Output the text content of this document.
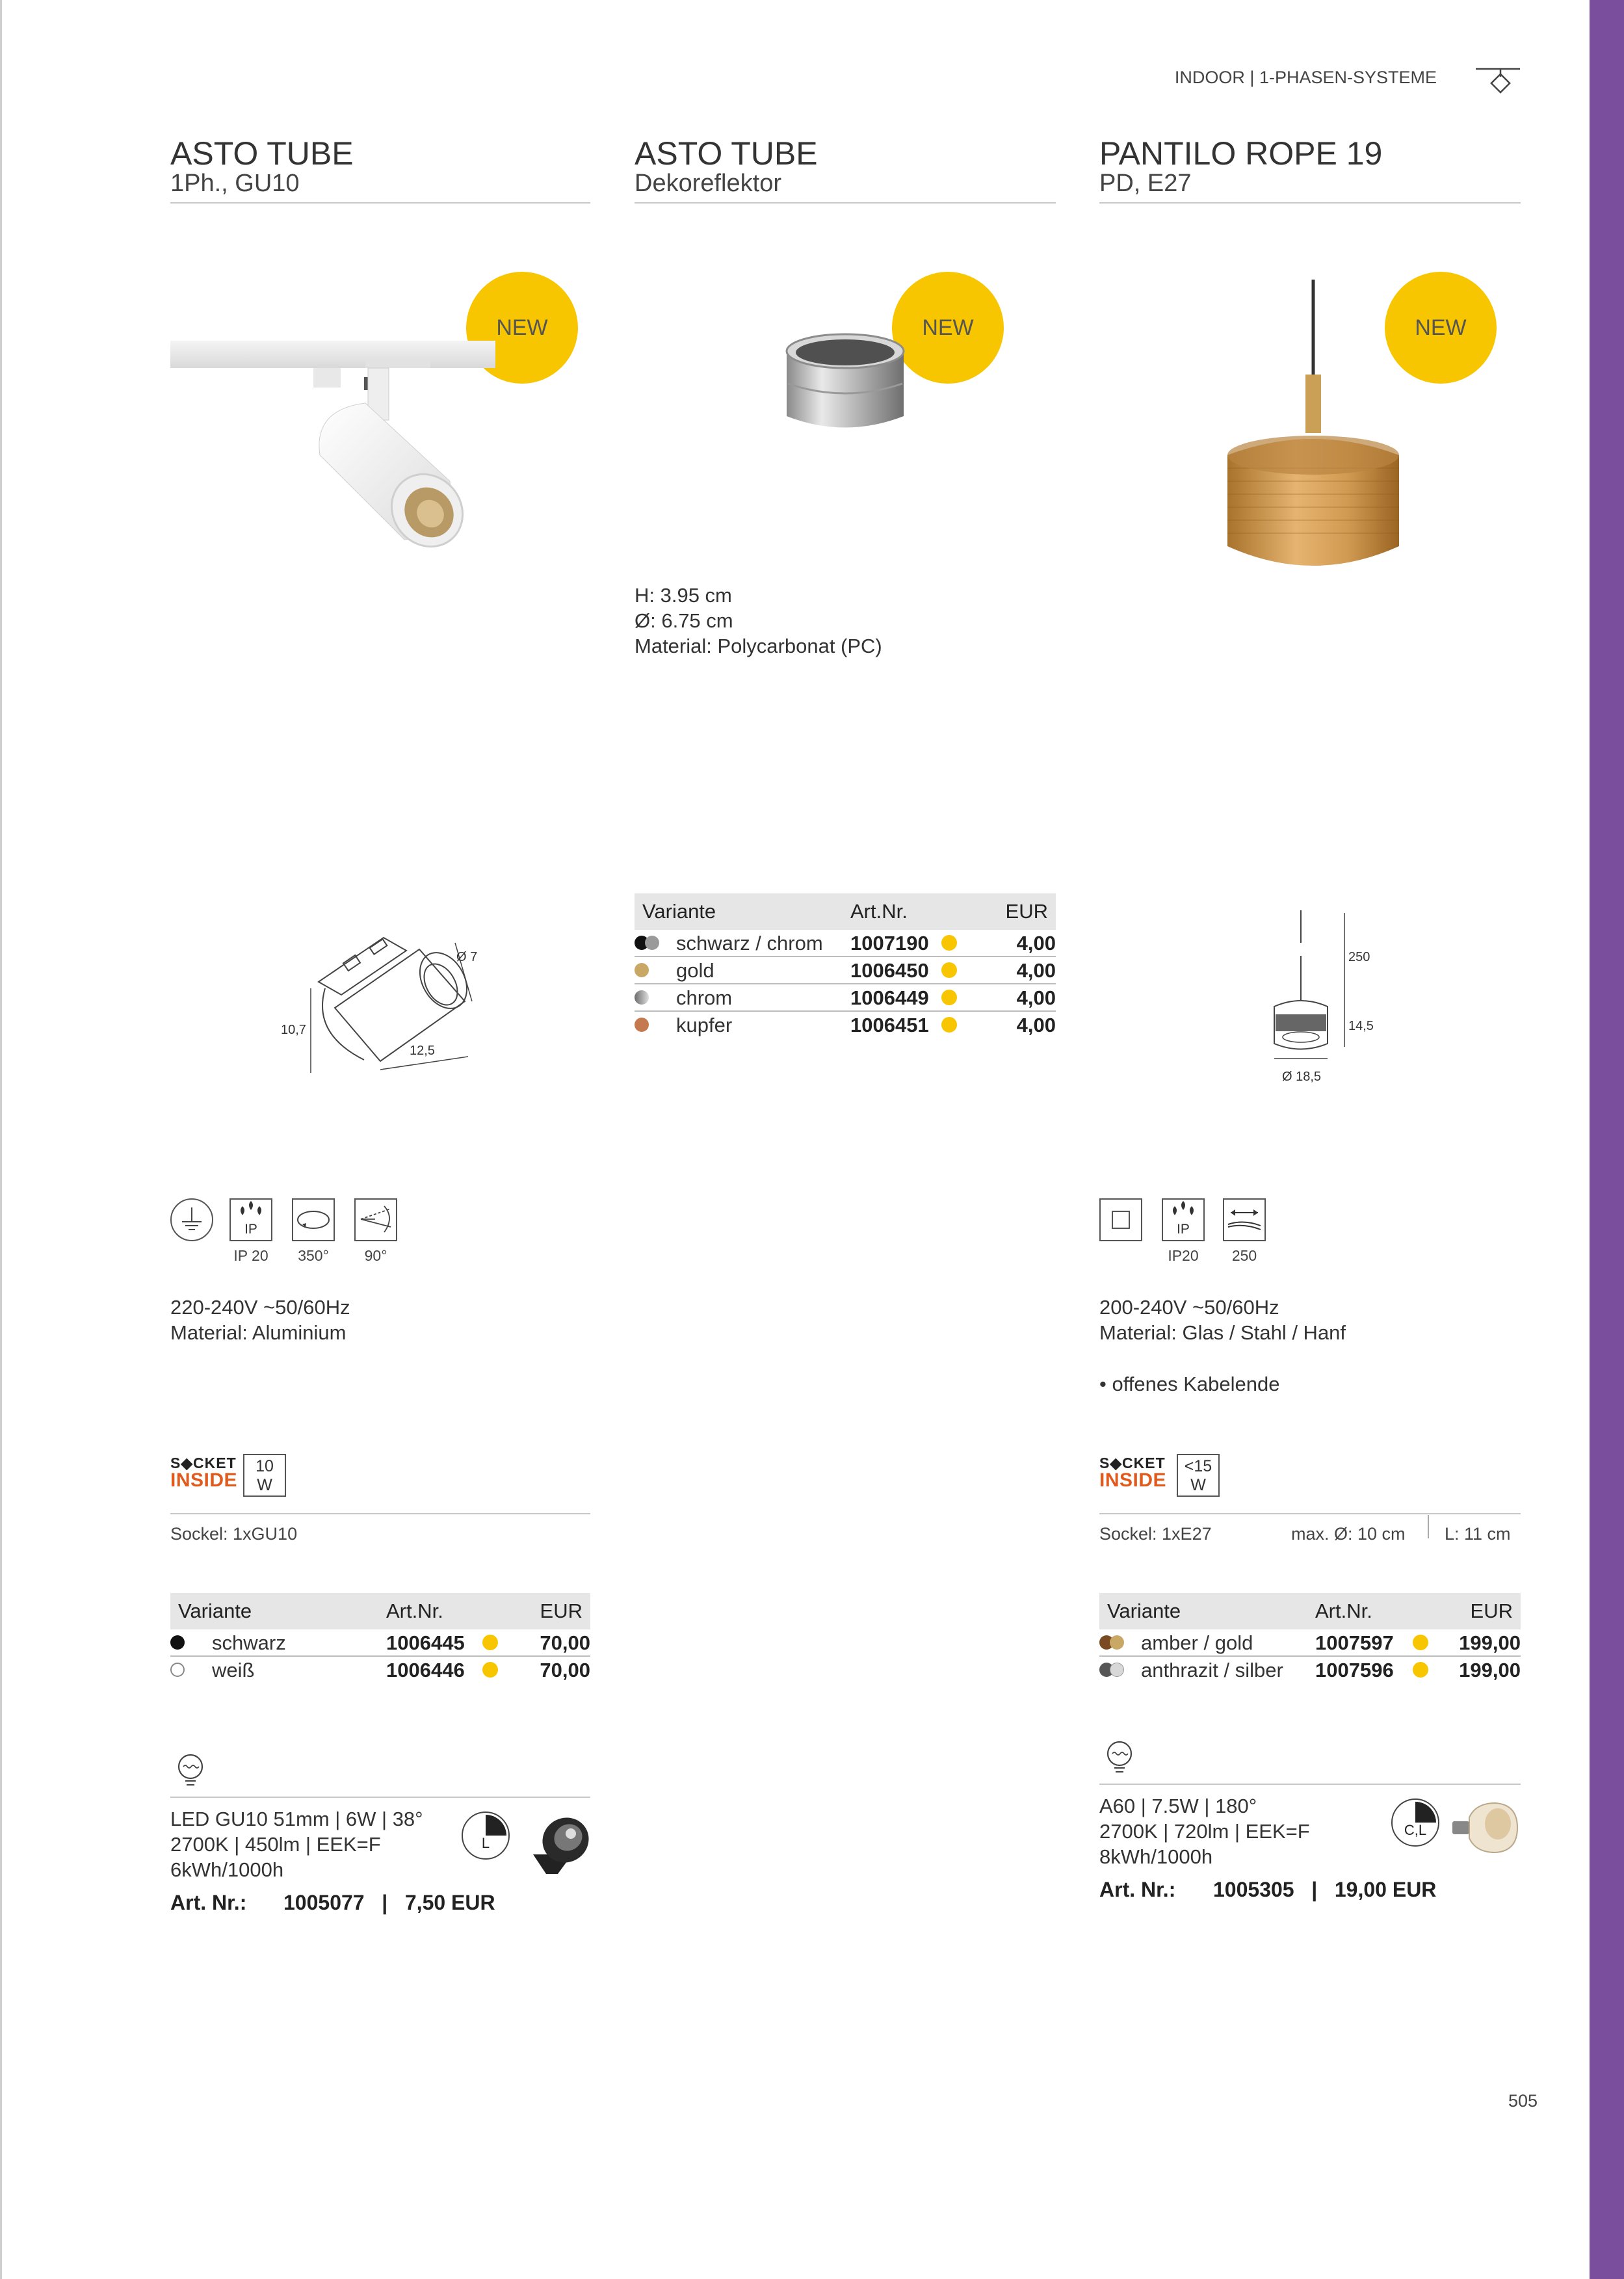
INDOOR | 1-PHASEN-SYSTEME
ASTO TUBE
1Ph., GU10
NEW
10,7
12,5
Ø 7
IP
IP 20	350°	90°
220-240V ~50/60Hz
Material: Aluminium
S◆CKET
INSIDE
10
W
Sockel: 1xGU10
Variante	Art.Nr.	EUR
schwarz	1006445	70,00
weiß	1006446	70,00
LED GU10 51mm | 6W | 38°
2700K | 450lm | EEK=F
6kWh/1000h
L
Art. Nr.: 1005077   |   7,50 EUR
ASTO TUBE
Dekoreflektor
NEW
H: 3.95 cm
Ø: 6.75 cm
Material: Polycarbonat (PC)
Variante	Art.Nr.	EUR
schwarz / chrom 1007190	4,00
gold	1006450	4,00
chrom	1006449	4,00
kupfer	1006451	4,00
PANTILO ROPE 19
PD, E27
NEW
250
14,5
Ø 18,5
IP
IP20	250
200-240V ~50/60Hz
Material: Glas / Stahl / Hanf
• offenes Kabelende
S◆CKET
INSIDE
<15
W
Sockel: 1xE27	max. Ø: 10 cm L: 11 cm
Variante	Art.Nr.	EUR
amber / gold	1007597	199,00
anthrazit / silber 1007596	199,00
A60 | 7.5W | 180°
2700K | 720lm | EEK=F
8kWh/1000h
C,L
Art. Nr.: 1005305   |   19,00 EUR
505
